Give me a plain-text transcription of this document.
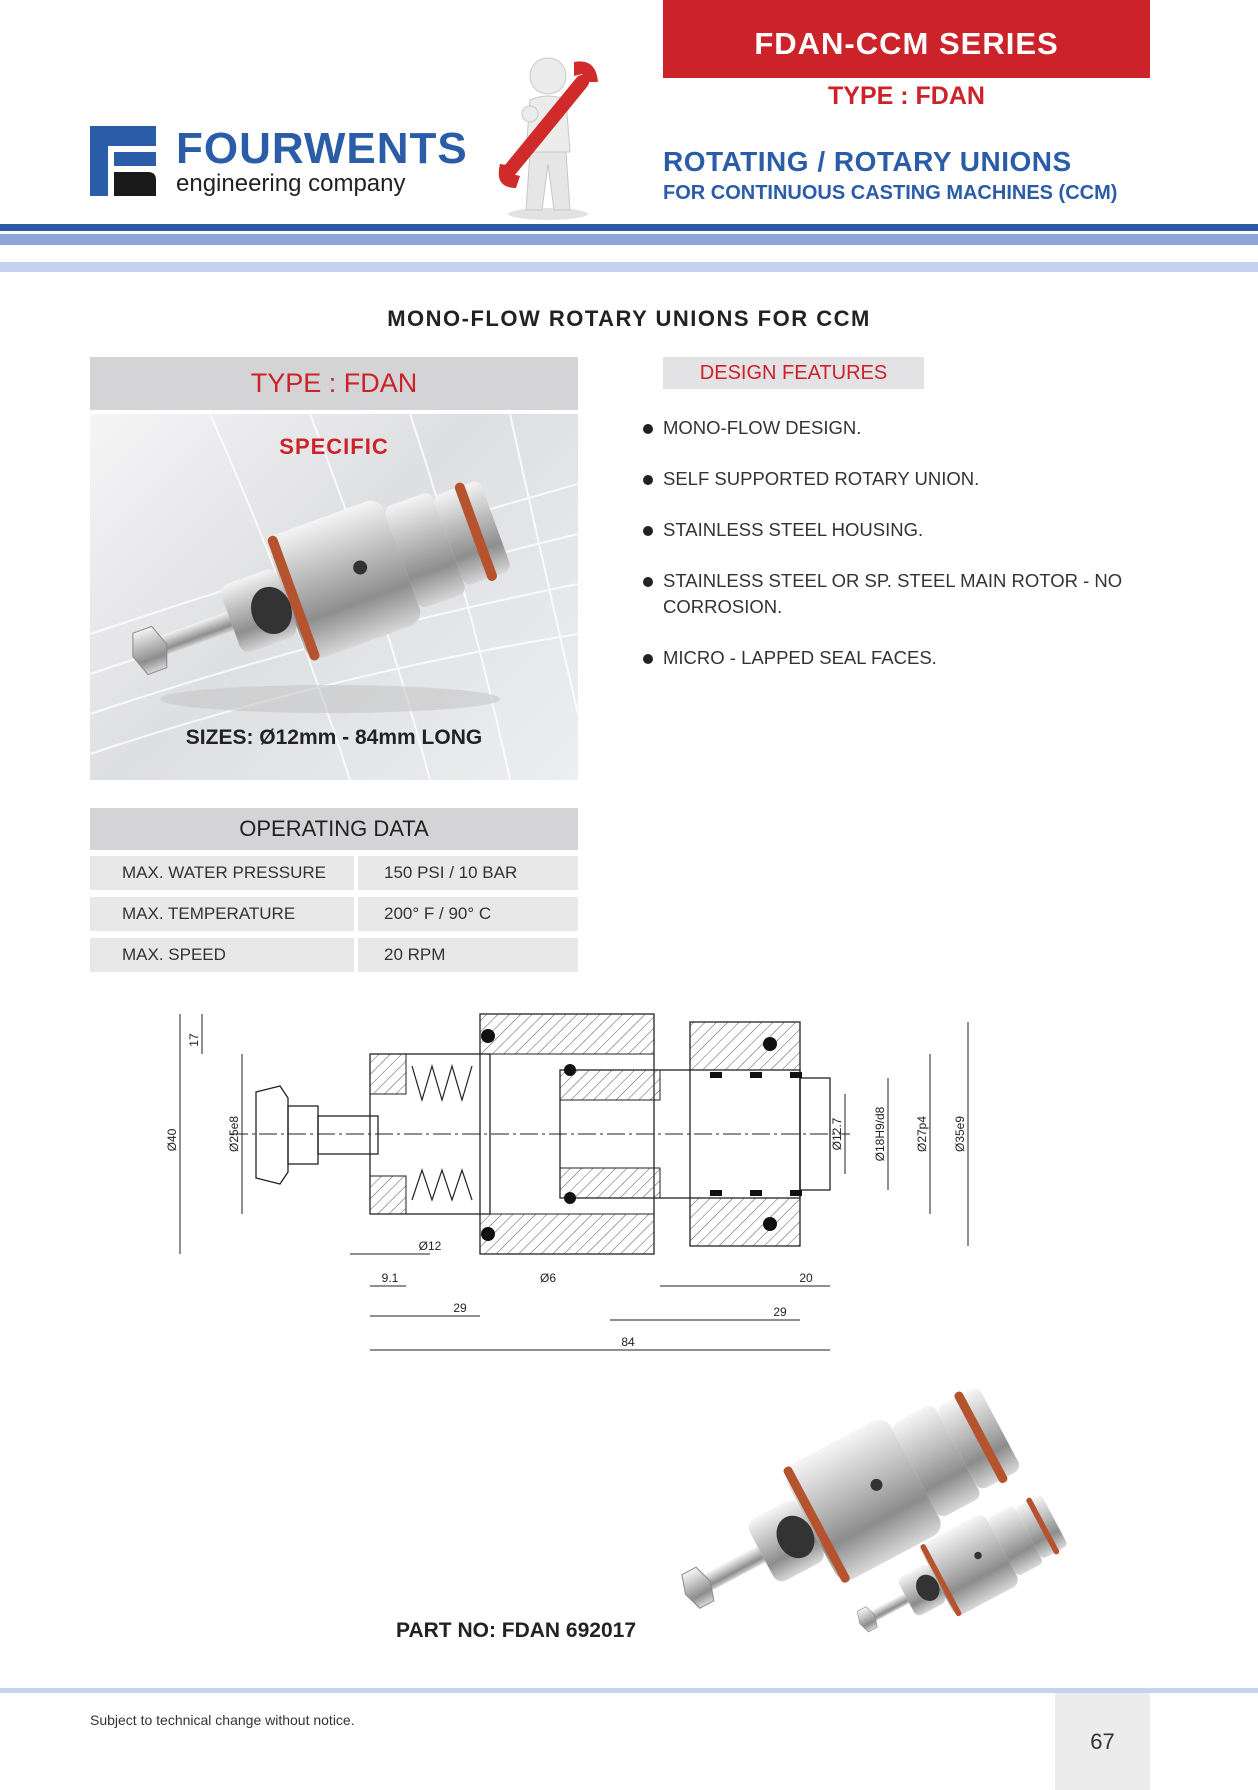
FDAN-CCM SERIES
TYPE : FDAN
ROTATING / ROTARY UNIONS
FOR CONTINUOUS CASTING MACHINES (CCM)
FOURWENTS
engineering company
MONO-FLOW ROTARY UNIONS FOR CCM
TYPE : FDAN
SPECIFIC
SIZES: Ø12mm - 84mm LONG
OPERATING DATA
MAX. WATER PRESSURE	150 PSI / 10 BAR
MAX. TEMPERATURE	200° F / 90° C
MAX. SPEED	20 RPM
DESIGN FEATURES
MONO-FLOW DESIGN.
SELF SUPPORTED ROTARY UNION.
STAINLESS STEEL HOUSING.
STAINLESS STEEL OR SP. STEEL MAIN ROTOR - NO CORROSION.
MICRO - LAPPED SEAL FACES.
Ø40
17
Ø25e8	Ø12.7 Ø18H9/d8 Ø27p4 Ø35e9
Ø12
9.1	Ø6	20
29	29
84
PART NO: FDAN 692017
Subject to technical change without notice.
67
